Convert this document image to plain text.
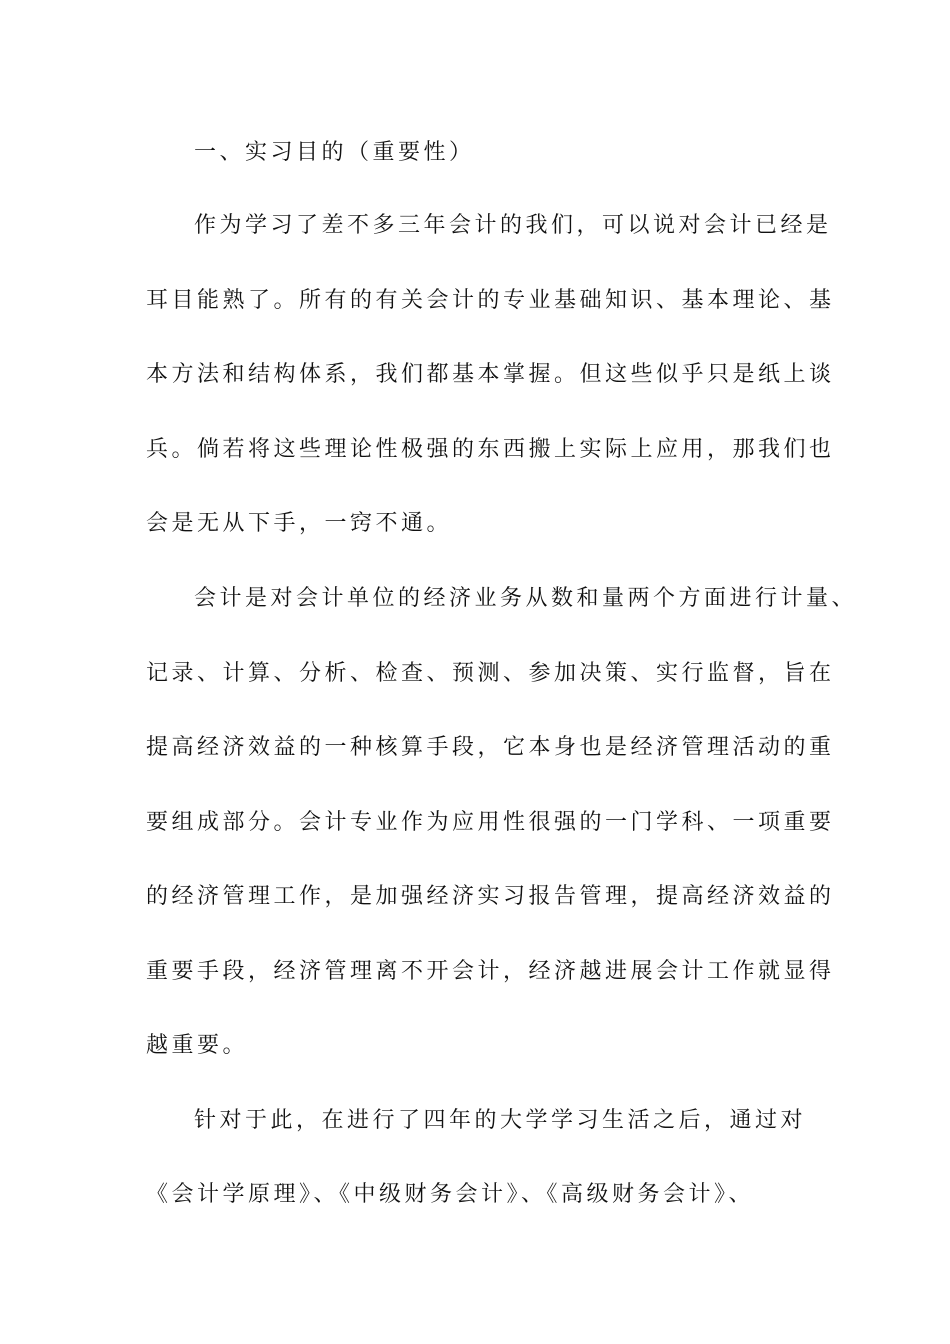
一、实习目的（重要性）
作为学习了差不多三年会计的我们，可以说对会计已经是
耳目能熟了。所有的有关会计的专业基础知识、基本理论、基
本方法和结构体系，我们都基本掌握。但这些似乎只是纸上谈
兵。倘若将这些理论性极强的东西搬上实际上应用，那我们也
会是无从下手，一窍不通。
会计是对会计单位的经济业务从数和量两个方面进行计量、
记录、计算、分析、检查、预测、参加决策、实行监督，旨在
提高经济效益的一种核算手段，它本身也是经济管理活动的重
要组成部分。会计专业作为应用性很强的一门学科、一项重要
的经济管理工作，是加强经济实习报告管理，提高经济效益的
重要手段，经济管理离不开会计，经济越进展会计工作就显得
越重要。
针对于此，在进行了四年的大学学习生活之后，通过对
《会计学原理》、《中级财务会计》、《高级财务会计》、
